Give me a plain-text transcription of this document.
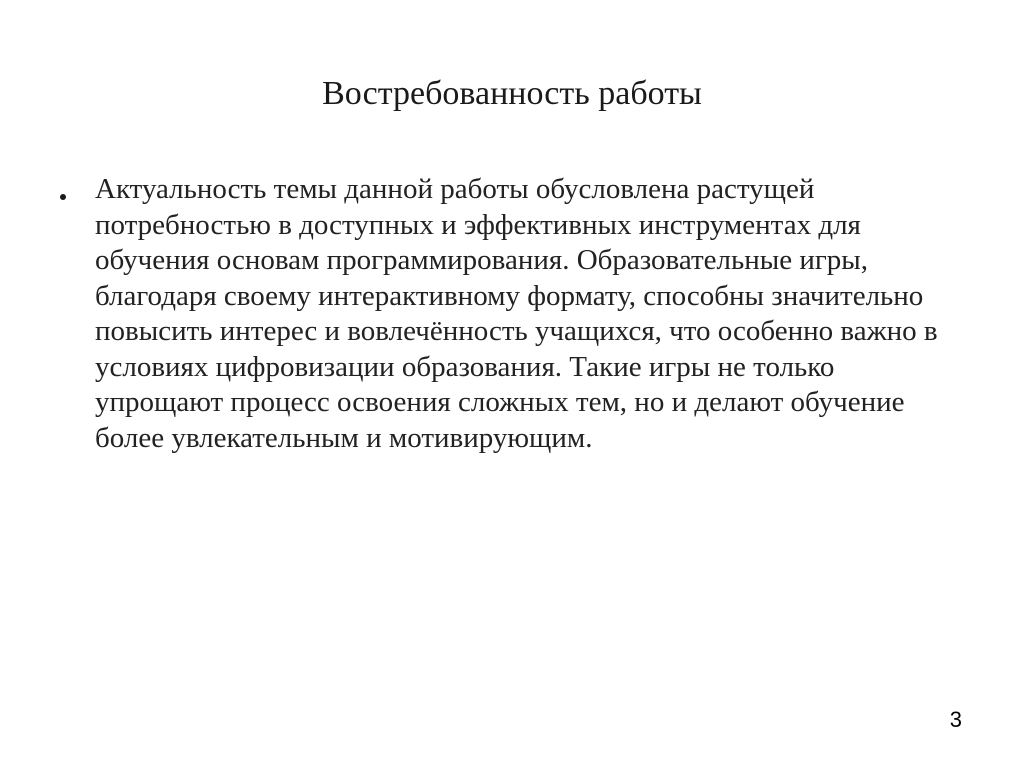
Востребованность работы
Актуальность темы данной работы обусловлена растущей потребностью в доступных и эффективных инструментах для обучения основам программирования. Образовательные игры, благодаря своему интерактивному формату, способны значительно повысить интерес и вовлечённость учащихся, что особенно важно в условиях цифровизации образования. Такие игры не только упрощают процесс освоения сложных тем, но и делают обучение более увлекательным и мотивирующим.
3
